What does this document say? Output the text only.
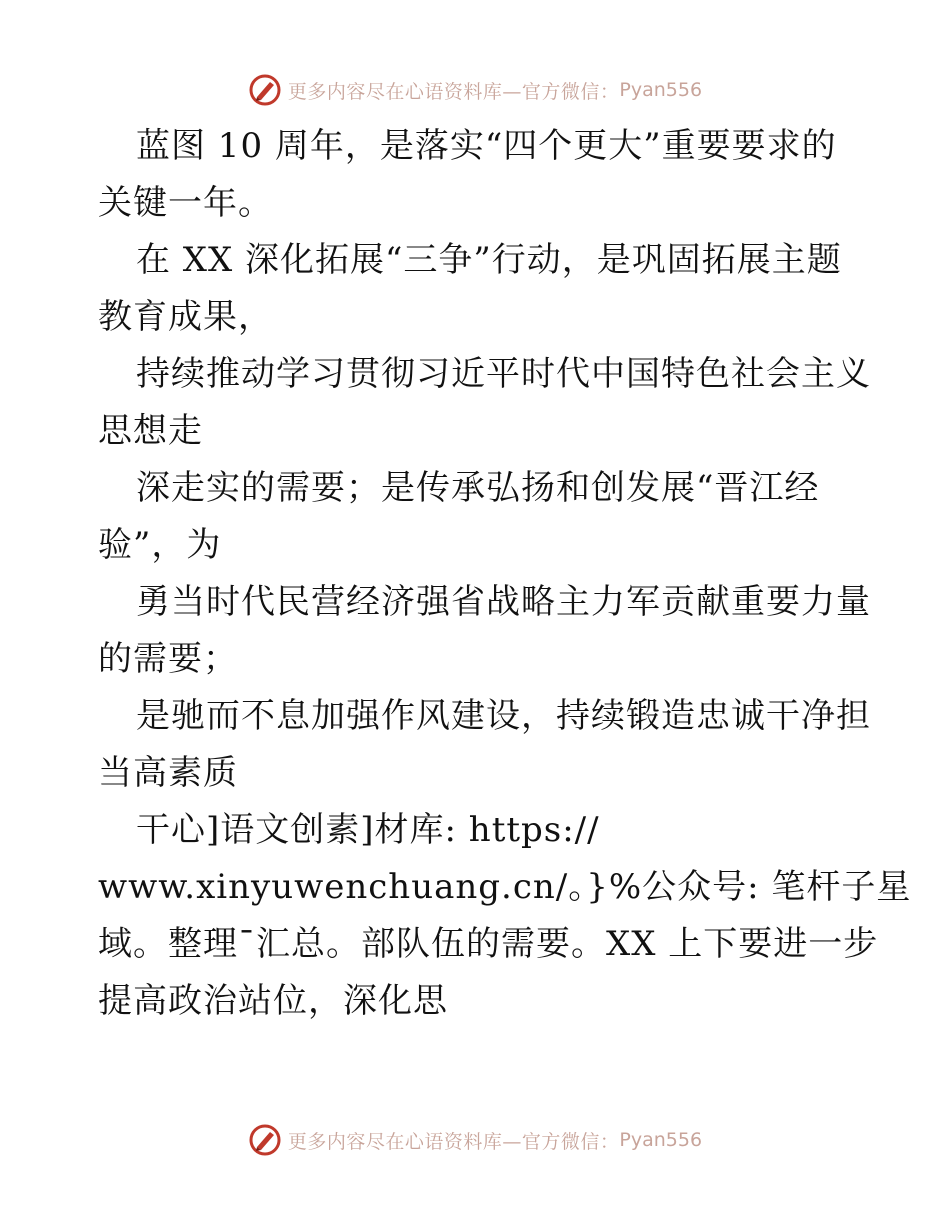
更多内容尽在心语资料库—官方微信： Pyan556
蓝图 10 周年，是落实“四个更大”重要要求的
关键一年。
在 XX 深化拓展“三争”行动，是巩固拓展主题
教育成果，
持续推动学习贯彻习近平时代中国特色社会主义
思想走
深走实的需要；是传承弘扬和创发展“晋江经
验”，为
勇当时代民营经济强省战略主力军贡献重要力量
的需要；
是驰而不息加强作风建设，持续锻造忠诚干净担
当高素质
干心]语文创素]材库: https://
www.xinyuwenchuang.cn/。}%公众号: 笔杆子星
域。整理¯汇总。部队伍的需要。XX 上下要进一步
提高政治站位，深化思
更多内容尽在心语资料库—官方微信： Pyan556
